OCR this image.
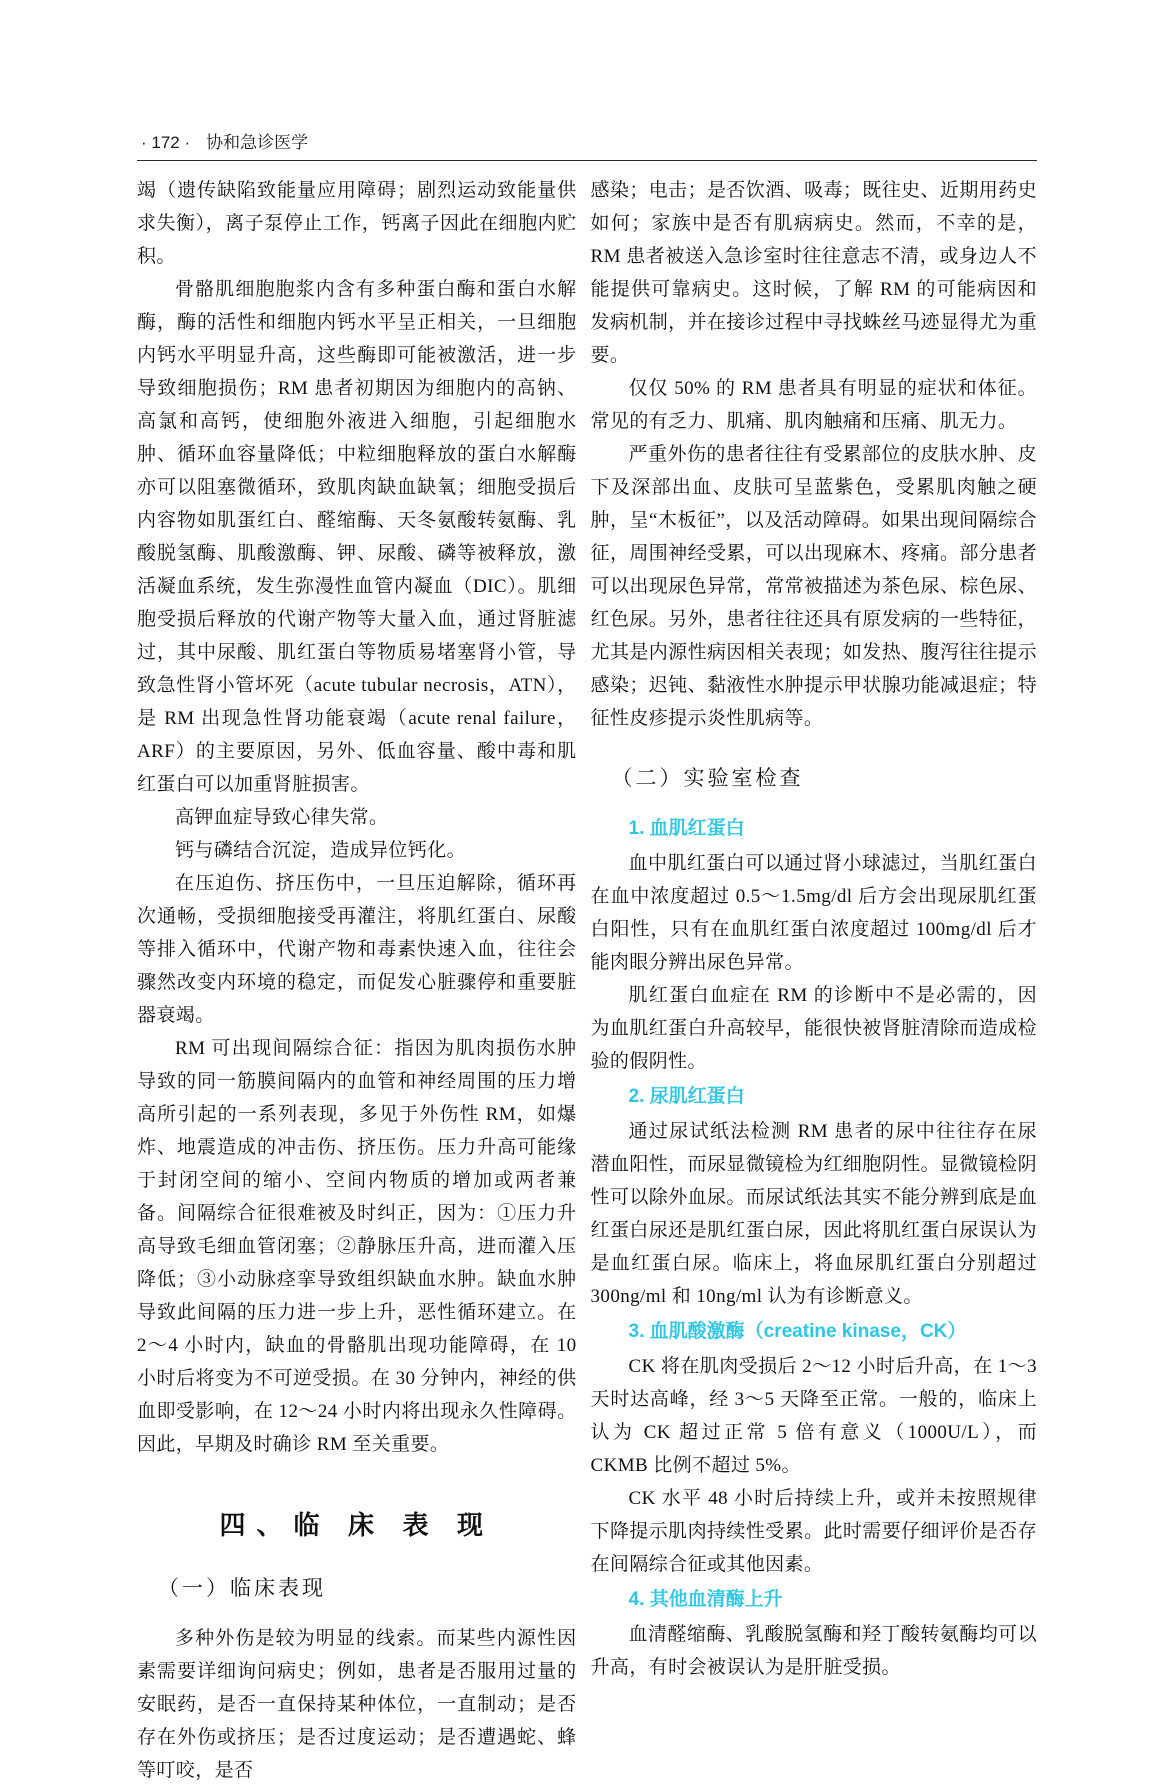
· 172 · 协和急诊医学

竭（遗传缺陷致能量应用障碍；剧烈运动致能量供求失衡），离子泵停止工作，钙离子因此在细胞内贮积。

骨骼肌细胞胞浆内含有多种蛋白酶和蛋白水解酶，酶的活性和细胞内钙水平呈正相关，一旦细胞内钙水平明显升高，这些酶即可能被激活，进一步导致细胞损伤；RM 患者初期因为细胞内的高钠、高氯和高钙，使细胞外液进入细胞，引起细胞水肿、循环血容量降低；中粒细胞释放的蛋白水解酶亦可以阻塞微循环，致肌肉缺血缺氧；细胞受损后内容物如肌蛋红白、醛缩酶、天冬氨酸转氨酶、乳酸脱氢酶、肌酸激酶、钾、尿酸、磷等被释放，激活凝血系统，发生弥漫性血管内凝血（DIC）。肌细胞受损后释放的代谢产物等大量入血，通过肾脏滤过，其中尿酸、肌红蛋白等物质易堵塞肾小管，导致急性肾小管坏死（acute tubular necrosis，ATN），是 RM 出现急性肾功能衰竭（acute renal failure，ARF）的主要原因，另外、低血容量、酸中毒和肌红蛋白可以加重肾脏损害。

高钾血症导致心律失常。

钙与磷结合沉淀，造成异位钙化。

在压迫伤、挤压伤中，一旦压迫解除，循环再次通畅，受损细胞接受再灌注，将肌红蛋白、尿酸等排入循环中，代谢产物和毒素快速入血，往往会骤然改变内环境的稳定，而促发心脏骤停和重要脏器衰竭。

RM 可出现间隔综合征：指因为肌肉损伤水肿导致的同一筋膜间隔内的血管和神经周围的压力增高所引起的一系列表现，多见于外伤性 RM，如爆炸、地震造成的冲击伤、挤压伤。压力升高可能缘于封闭空间的缩小、空间内物质的增加或两者兼备。间隔综合征很难被及时纠正，因为：①压力升高导致毛细血管闭塞；②静脉压升高，进而灌入压降低；③小动脉痉挛导致组织缺血水肿。缺血水肿导致此间隔的压力进一步上升，恶性循环建立。在 2～4 小时内，缺血的骨骼肌出现功能障碍，在 10 小时后将变为不可逆受损。在 30 分钟内，神经的供血即受影响，在 12～24 小时内将出现永久性障碍。因此，早期及时确诊 RM 至关重要。

四、临 床 表 现
（一）临床表现

多种外伤是较为明显的线索。而某些内源性因素需要详细询问病史；例如，患者是否服用过量的安眠药，是否一直保持某种体位，一直制动；是否存在外伤或挤压；是否过度运动；是否遭遇蛇、蜂等叮咬，是否

感染；电击；是否饮酒、吸毒；既往史、近期用药史如何；家族中是否有肌病病史。然而，不幸的是，RM 患者被送入急诊室时往往意志不清，或身边人不能提供可靠病史。这时候，了解 RM 的可能病因和发病机制，并在接诊过程中寻找蛛丝马迹显得尤为重要。

仅仅 50% 的 RM 患者具有明显的症状和体征。常见的有乏力、肌痛、肌肉触痛和压痛、肌无力。

严重外伤的患者往往有受累部位的皮肤水肿、皮下及深部出血、皮肤可呈蓝紫色，受累肌肉触之硬肿，呈“木板征”，以及活动障碍。如果出现间隔综合征，周围神经受累，可以出现麻木、疼痛。部分患者可以出现尿色异常，常常被描述为茶色尿、棕色尿、红色尿。另外，患者往往还具有原发病的一些特征，尤其是内源性病因相关表现；如发热、腹泻往往提示感染；迟钝、黏液性水肿提示甲状腺功能减退症；特征性皮疹提示炎性肌病等。

（二）实验室检查
1. 血肌红蛋白

血中肌红蛋白可以通过肾小球滤过，当肌红蛋白在血中浓度超过 0.5～1.5mg/dl 后方会出现尿肌红蛋白阳性，只有在血肌红蛋白浓度超过 100mg/dl 后才能肉眼分辨出尿色异常。

肌红蛋白血症在 RM 的诊断中不是必需的，因为血肌红蛋白升高较早，能很快被肾脏清除而造成检验的假阴性。

2. 尿肌红蛋白

通过尿试纸法检测 RM 患者的尿中往往存在尿潜血阳性，而尿显微镜检为红细胞阴性。显微镜检阴性可以除外血尿。而尿试纸法其实不能分辨到底是血红蛋白尿还是肌红蛋白尿，因此将肌红蛋白尿误认为是血红蛋白尿。临床上，将血尿肌红蛋白分别超过 300ng/ml 和 10ng/ml 认为有诊断意义。

3. 血肌酸激酶（creatine kinase，CK）

CK 将在肌肉受损后 2～12 小时后升高，在 1～3 天时达高峰，经 3～5 天降至正常。一般的，临床上认为 CK 超过正常 5 倍有意义（1000U/L），而 CKMB 比例不超过 5%。

CK 水平 48 小时后持续上升，或并未按照规律下降提示肌肉持续性受累。此时需要仔细评价是否存在间隔综合征或其他因素。

4. 其他血清酶上升

血清醛缩酶、乳酸脱氢酶和羟丁酸转氨酶均可以升高，有时会被误认为是肝脏受损。
